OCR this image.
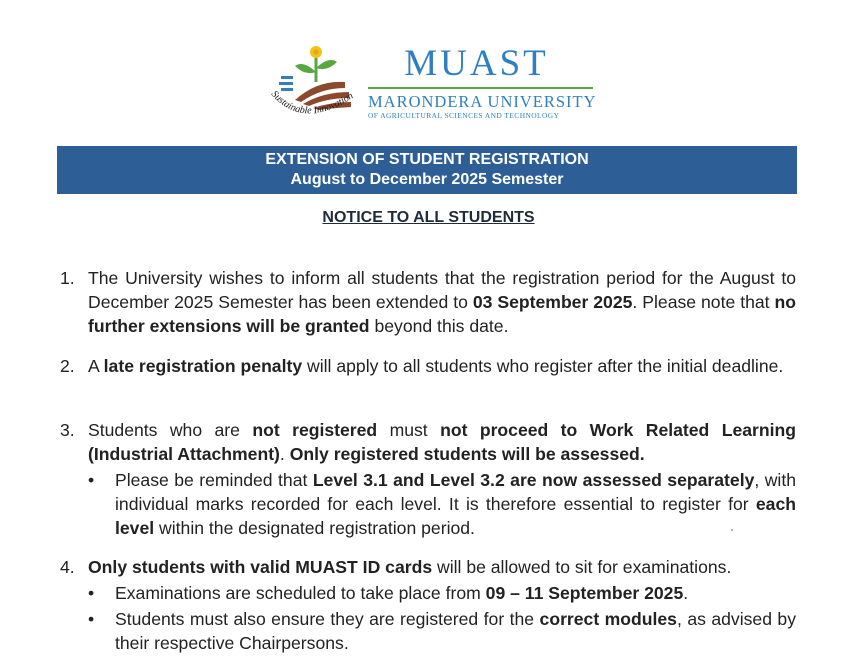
Sustainable Innovation
MUAST
MARONDERA UNIVERSITY
OF AGRICULTURAL SCIENCES AND TECHNOLOGY
EXTENSION OF STUDENT REGISTRATION
August to December 2025 Semester
NOTICE TO ALL STUDENTS
1. The University wishes to inform all students that the registration period for the August to December 2025 Semester has been extended to 03 September 2025. Please note that no further extensions will be granted beyond this date.
2. A late registration penalty will apply to all students who register after the initial deadline.
3. Students who are not registered must not proceed to Work Related Learning (Industrial Attachment). Only registered students will be assessed.
• Please be reminded that Level 3.1 and Level 3.2 are now assessed separately, with individual marks recorded for each level. It is therefore essential to register for each level within the designated registration period.
4. Only students with valid MUAST ID cards will be allowed to sit for examinations.
• Examinations are scheduled to take place from 09 – 11 September 2025.
• Students must also ensure they are registered for the correct modules, as advised by their respective Chairpersons.
